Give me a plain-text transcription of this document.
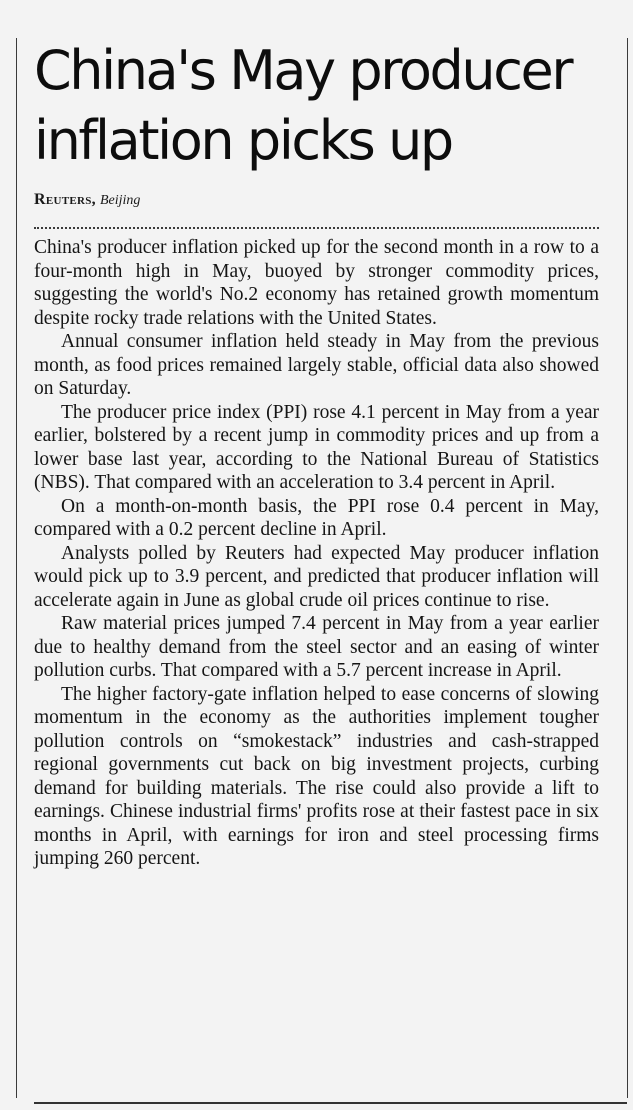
China's May producer inflation picks up
Reuters, Beijing

China's producer inflation picked up for the second month in a row to a four-month high in May, buoyed by stronger commodity prices, suggesting the world's No.2 economy has retained growth momentum despite rocky trade relations with the United States.

Annual consumer inflation held steady in May from the previous month, as food prices remained largely stable, official data also showed on Saturday.

The producer price index (PPI) rose 4.1 percent in May from a year earlier, bolstered by a recent jump in commodity prices and up from a lower base last year, according to the National Bureau of Statistics (NBS). That compared with an acceleration to 3.4 percent in April.

On a month-on-month basis, the PPI rose 0.4 percent in May, compared with a 0.2 percent decline in April.

Analysts polled by Reuters had expected May producer inflation would pick up to 3.9 percent, and predicted that producer inflation will accelerate again in June as global crude oil prices continue to rise.

Raw material prices jumped 7.4 percent in May from a year earlier due to healthy demand from the steel sector and an easing of winter pollution curbs. That compared with a 5.7 percent increase in April.

The higher factory-gate inflation helped to ease concerns of slowing momentum in the economy as the authorities implement tougher pollution controls on “smokestack” industries and cash-strapped regional governments cut back on big investment projects, curbing demand for building materials. The rise could also provide a lift to earnings. Chinese industrial firms' profits rose at their fastest pace in six months in April, with earnings for iron and steel processing firms jumping 260 percent.
